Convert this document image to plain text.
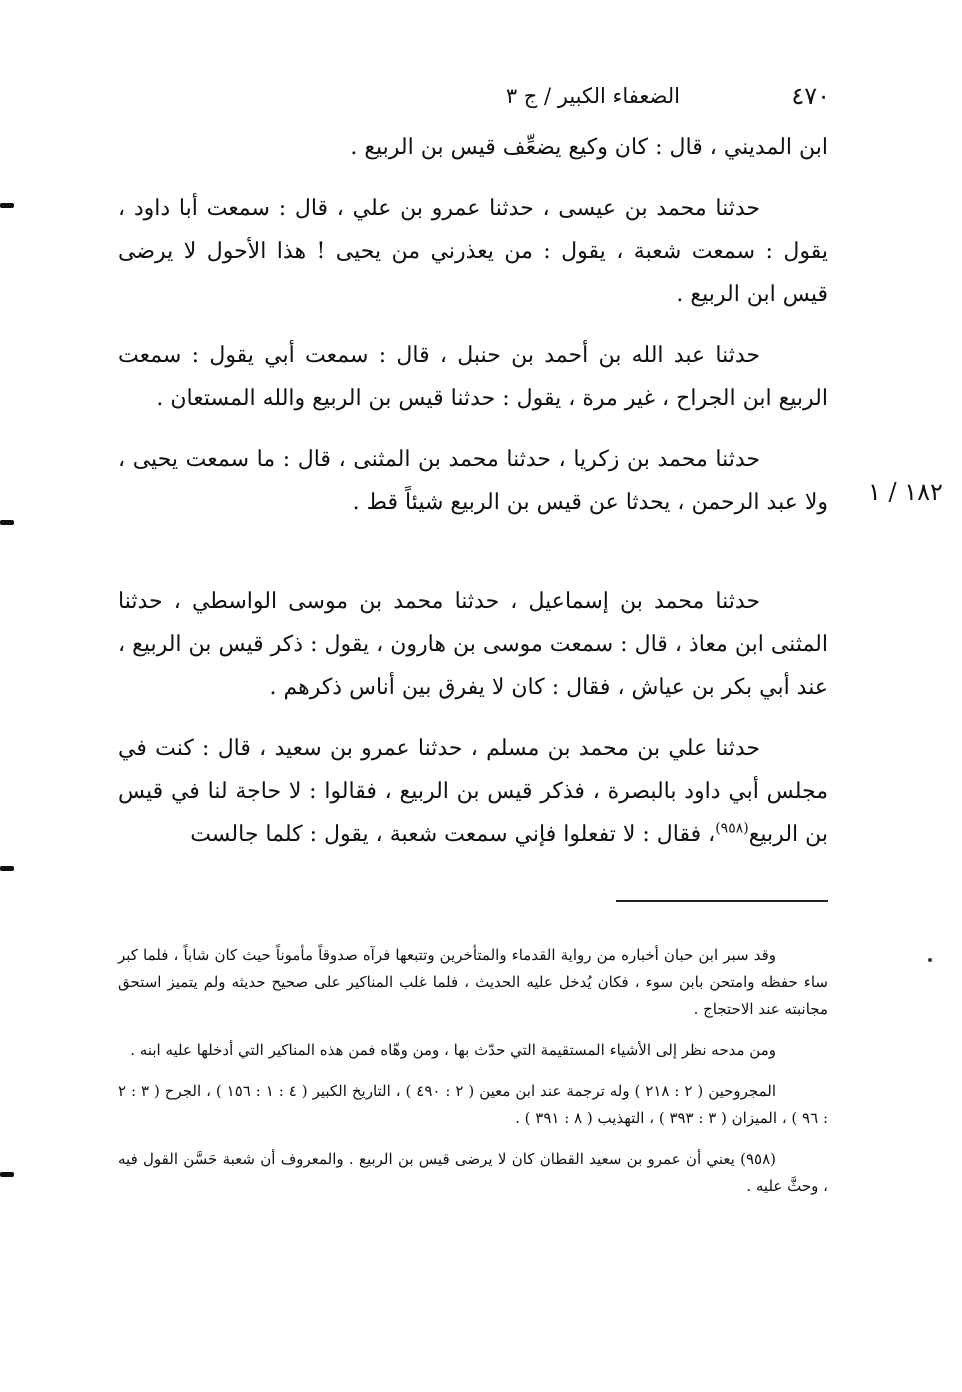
٤٧٠
الضعفاء الكبير / ج ٣

ابن المديني ، قال : كان وكيع يضعِّف قيس بن الربيع .

حدثنا محمد بن عيسى ، حدثنا عمرو بن علي ، قال : سمعت أبا داود ، يقول : سمعت شعبة ، يقول : من يعذرني من يحيى ! هذا الأحول لا يرضى قيس ابن الربيع .

حدثنا عبد الله بن أحمد بن حنبل ، قال : سمعت أبي يقول : سمعت الربيع ابن الجراح ، غير مرة ، يقول : حدثنا قيس بن الربيع والله المستعان .

حدثنا محمد بن زكريا ، حدثنا محمد بن المثنى ، قال : ما سمعت يحيى ، ولا عبد الرحمن ، يحدثا عن قيس بن الربيع شيئاً قط .

حدثنا محمد بن إسماعيل ، حدثنا محمد بن موسى الواسطي ، حدثنا المثنى ابن معاذ ، قال : سمعت موسى بن هارون ، يقول : ذكر قيس بن الربيع ، عند أبي بكر بن عياش ، فقال : كان لا يفرق بين أناس ذكرهم .

حدثنا علي بن محمد بن مسلم ، حدثنا عمرو بن سعيد ، قال : كنت في مجلس أبي داود بالبصرة ، فذكر قيس بن الربيع ، فقالوا : لا حاجة لنا في قيس بن الربيع$^{(٩٥٨)}$، فقال : لا تفعلوا فإني سمعت شعبة ، يقول : كلما جالست

١٨٢ / ١

وقد سبر ابن حبان أخباره من رواية القدماء والمتأخرين وتتبعها فرآه صدوقاً مأموناً حيث كان شاباً ، فلما كبر ساء حفظه وامتحن بابن سوء ، فكان يُدخل عليه الحديث ، فلما غلب المناكير على صحيح حديثه ولم يتميز استحق مجانبته عند الاحتجاج .

ومن مدحه نظر إلى الأشياء المستقيمة التي حدّث بها ، ومن وهّاه فمن هذه المناكير التي أدخلها عليه ابنه .

المجروحين ( ٢ : ٢١٨ ) وله ترجمة عند ابن معين ( ٢ : ٤٩٠ ) ، التاريخ الكبير ( ٤ : ١ : ١٥٦ ) ، الجرح ( ٣ : ٢ : ٩٦ ) ، الميزان ( ٣ : ٣٩٣ ) ، التهذيب ( ٨ : ٣٩١ ) .

(٩٥٨) يعني أن عمرو بن سعيد القطان كان لا يرضى قيس بن الربيع . والمعروف أن شعبة حَسَّن القول فيه ، وحثَّ عليه .
